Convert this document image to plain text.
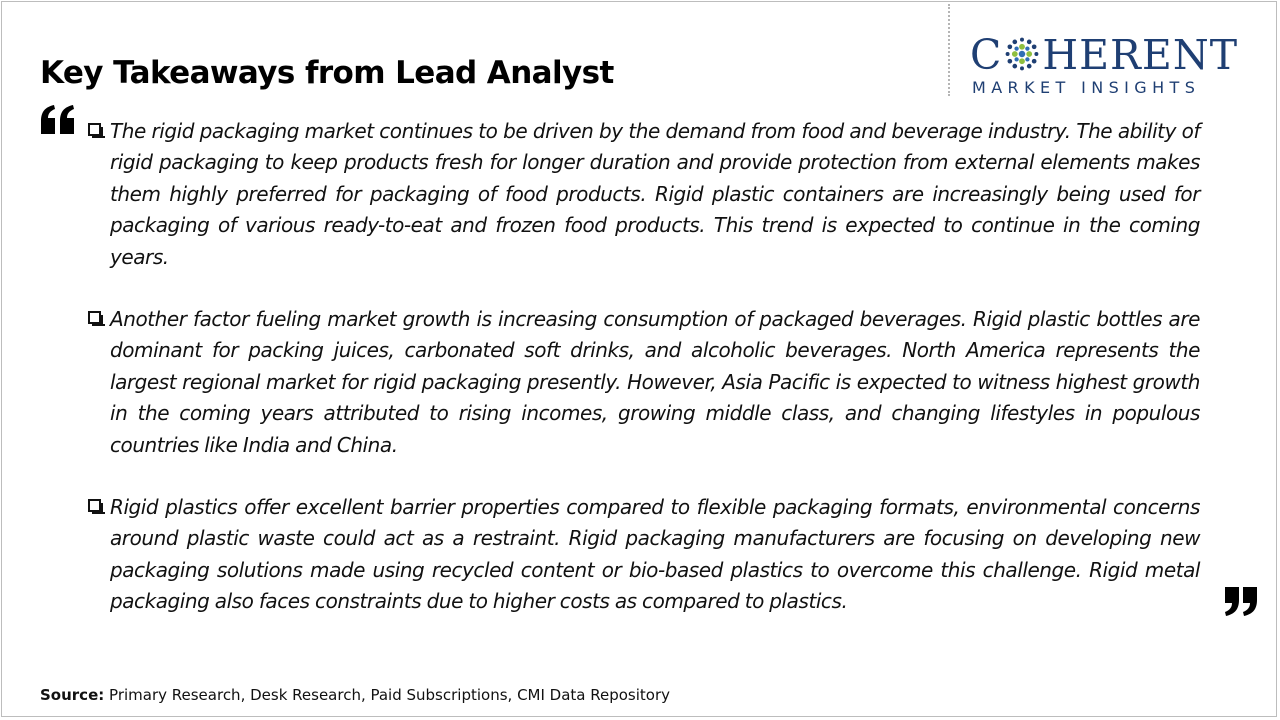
Key Takeaways from Lead Analyst	C HERENT
MARKET INSIGHTS
The rigid packaging market continues to be driven by the demand from food and beverage industry. The ability of rigid packaging to keep products fresh for longer duration and provide protection from external elements makes them highly preferred for packaging of food products. Rigid plastic containers are increasingly being used for packaging of various ready-to-eat and frozen food products. This trend is expected to continue in the coming years.
Another factor fueling market growth is increasing consumption of packaged beverages. Rigid plastic bottles are dominant for packing juices, carbonated soft drinks, and alcoholic beverages. North America represents the largest regional market for rigid packaging presently. However, Asia Pacific is expected to witness highest growth in the coming years attributed to rising incomes, growing middle class, and changing lifestyles in populous countries like India and China.
Rigid plastics offer excellent barrier properties compared to flexible packaging formats, environmental concerns around plastic waste could act as a restraint. Rigid packaging manufacturers are focusing on developing new packaging solutions made using recycled content or bio-based plastics to overcome this challenge. Rigid metal packaging also faces constraints due to higher costs as compared to plastics.
Source: Primary Research, Desk Research, Paid Subscriptions, CMI Data Repository
